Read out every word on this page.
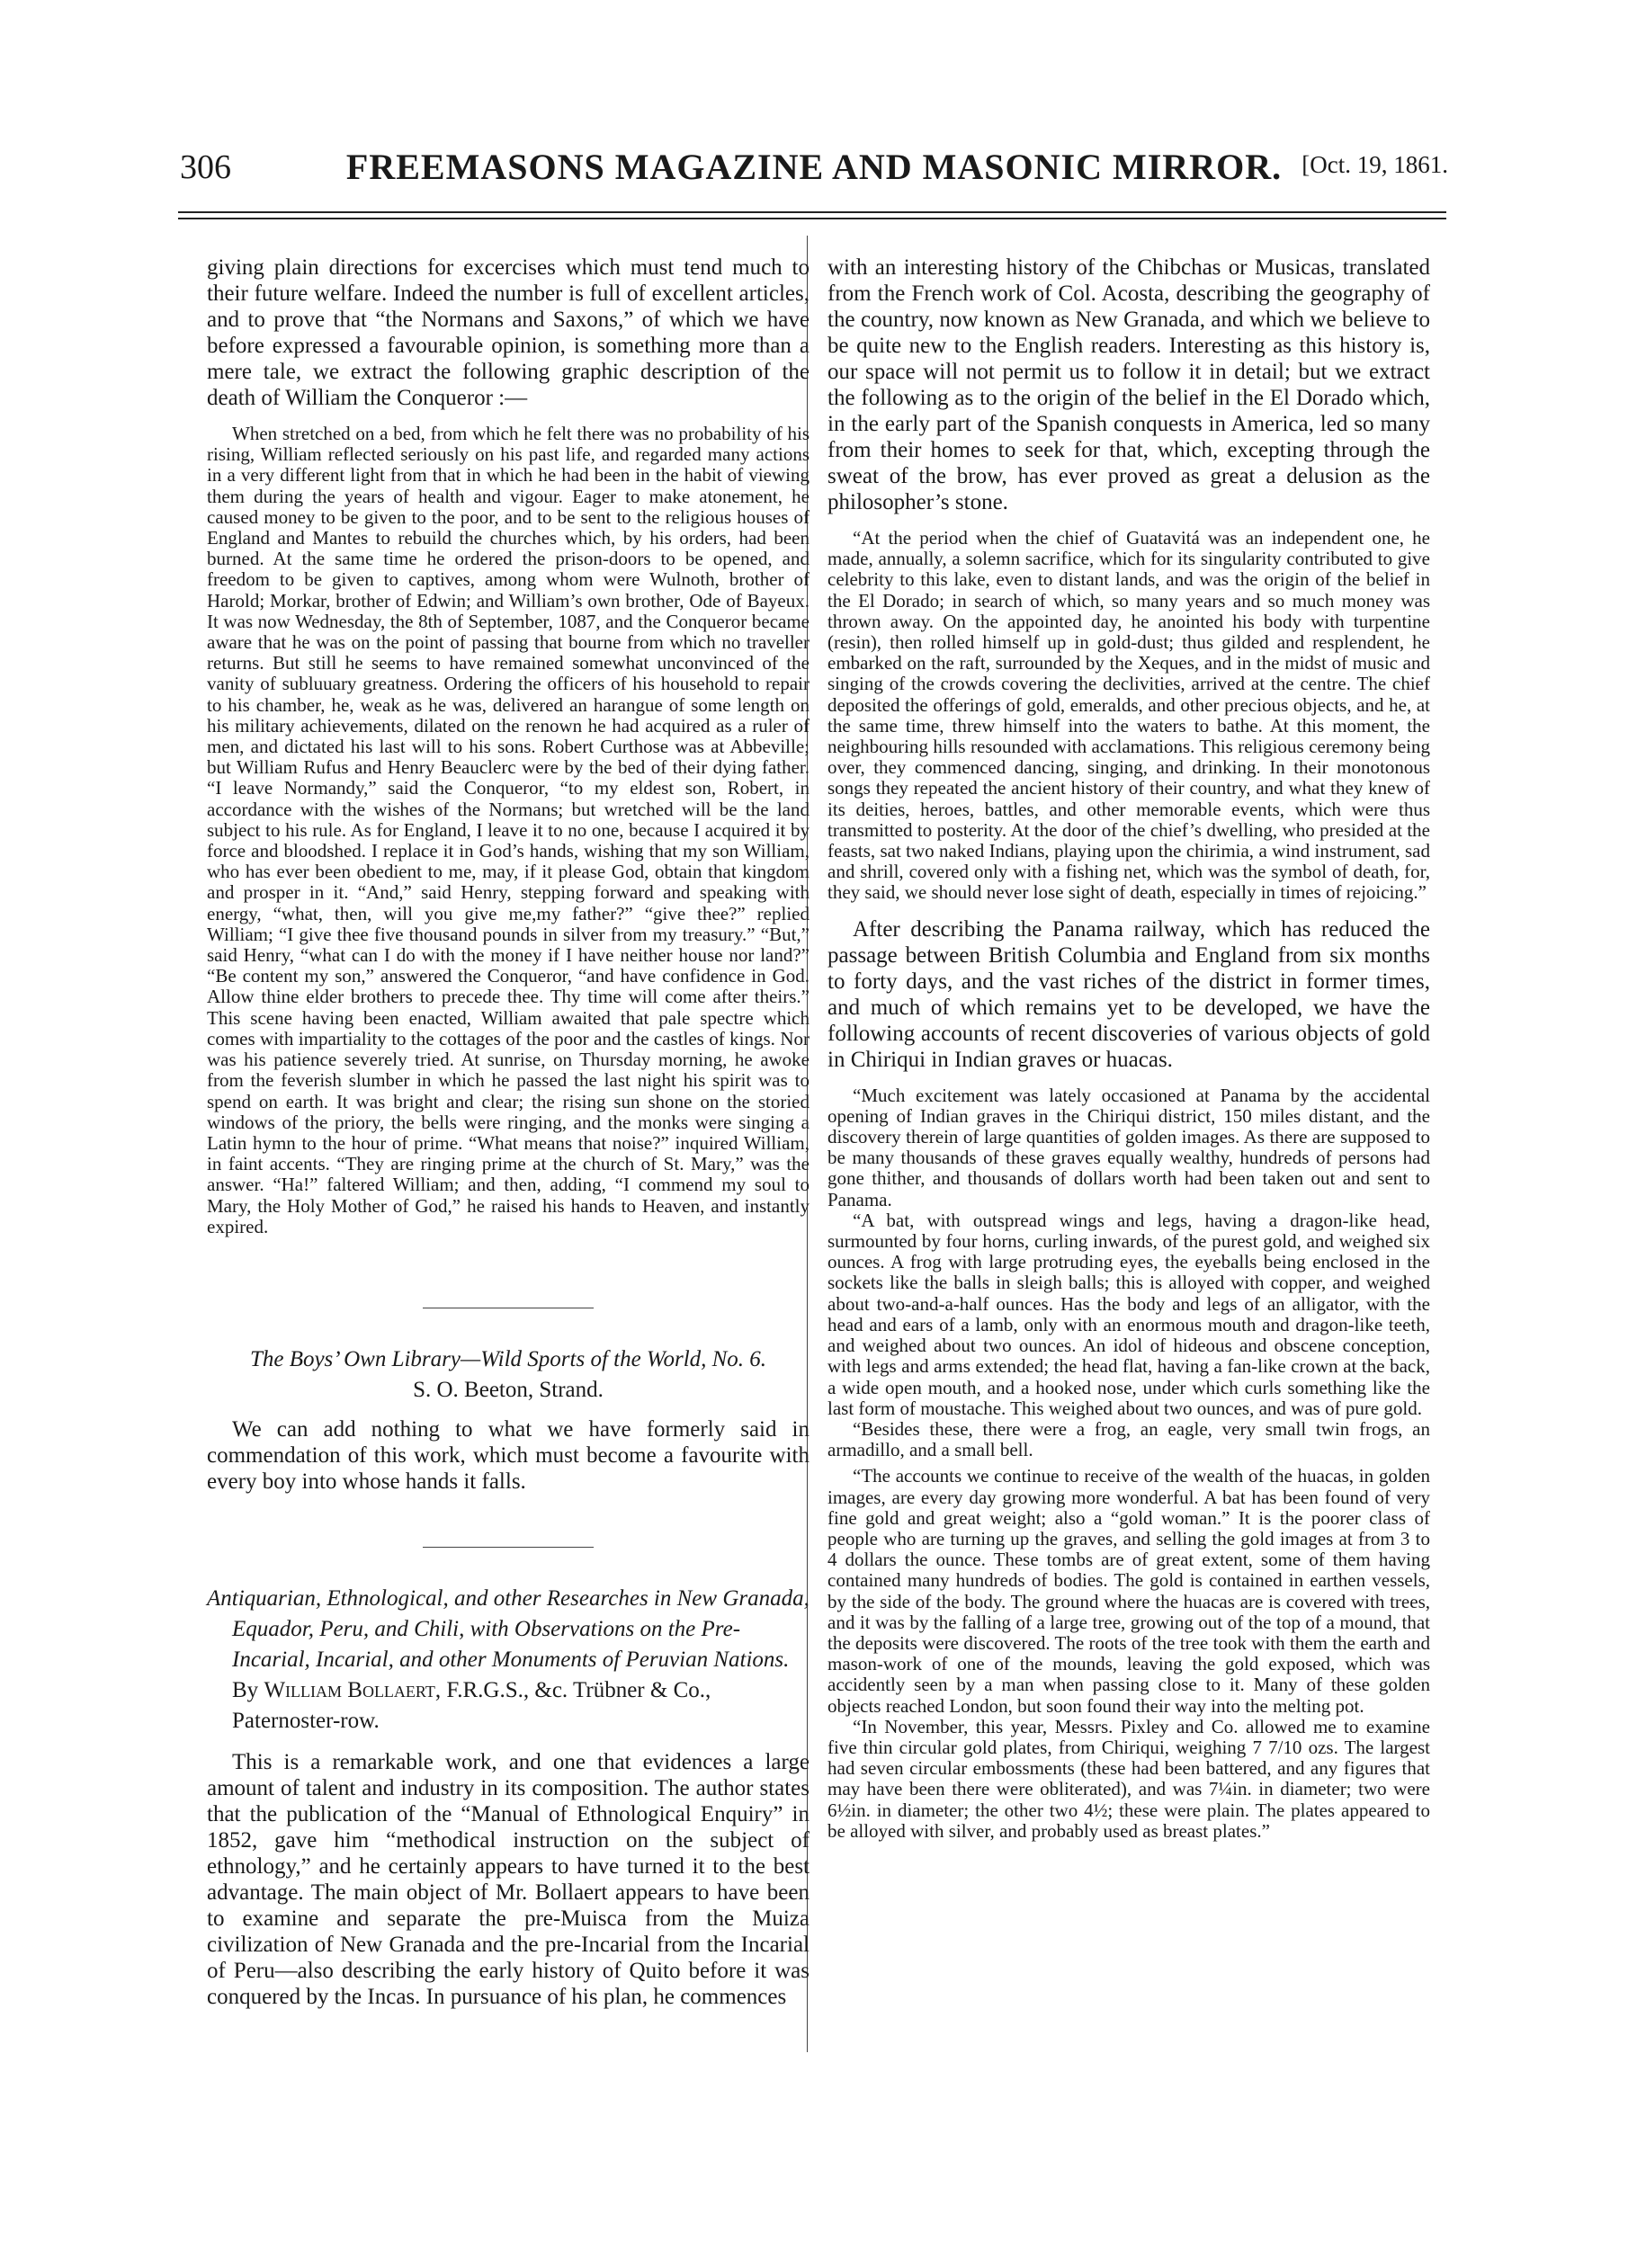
306	FREEMASONS MAGAZINE AND MASONIC MIRROR. [Oct. 19, 1861.

giving plain directions for excercises which must tend much to their future welfare. Indeed the number is full of excellent articles, and to prove that “the Normans and Saxons,” of which we have before expressed a favourable opinion, is something more than a mere tale, we extract the following graphic description of the death of William the Conqueror :—

When stretched on a bed, from which he felt there was no probability of his rising, William reflected seriously on his past life, and regarded many actions in a very different light from that in which he had been in the habit of viewing them during the years of health and vigour. Eager to make atonement, he caused money to be given to the poor, and to be sent to the religious houses of England and Mantes to rebuild the churches which, by his orders, had been burned. At the same time he ordered the prison-doors to be opened, and freedom to be given to captives, among whom were Wulnoth, brother of Harold; Morkar, brother of Edwin; and William’s own brother, Ode of Bayeux. It was now Wednesday, the 8th of September, 1087, and the Conqueror became aware that he was on the point of passing that bourne from which no traveller returns. But still he seems to have remained somewhat unconvinced of the vanity of subluuary greatness. Ordering the officers of his household to repair to his chamber, he, weak as he was, delivered an harangue of some length on his military achievements, dilated on the renown he had acquired as a ruler of men, and dictated his last will to his sons. Robert Curthose was at Abbeville; but William Rufus and Henry Beauclerc were by the bed of their dying father. “I leave Normandy,” said the Conqueror, “to my eldest son, Robert, in accordance with the wishes of the Normans; but wretched will be the land subject to his rule. As for England, I leave it to no one, because I acquired it by force and bloodshed. I replace it in God’s hands, wishing that my son William, who has ever been obedient to me, may, if it please God, obtain that kingdom and prosper in it. “And,” said Henry, stepping forward and speaking with energy, “what, then, will you give me,my father?” “give thee?” replied William; “I give thee five thousand pounds in silver from my treasury.” “But,” said Henry, “what can I do with the money if I have neither house nor land?” “Be content my son,” answered the Conqueror, “and have confidence in God. Allow thine elder brothers to precede thee. Thy time will come after theirs.” This scene having been enacted, William awaited that pale spectre which comes with impartiality to the cottages of the poor and the castles of kings. Nor was his patience severely tried. At sunrise, on Thursday morning, he awoke from the feverish slumber in which he passed the last night his spirit was to spend on earth. It was bright and clear; the rising sun shone on the storied windows of the priory, the bells were ringing, and the monks were singing a Latin hymn to the hour of prime. “What means that noise?” inquired William, in faint accents. “They are ringing prime at the church of St. Mary,” was the answer. “Ha!” faltered William; and then, adding, “I commend my soul to Mary, the Holy Mother of God,” he raised his hands to Heaven, and instantly expired.

The Boys’ Own Library—Wild Sports of the World, No. 6.
S. O. Beeton, Strand.

We can add nothing to what we have formerly said in commendation of this work, which must become a favourite with every boy into whose hands it falls.

Antiquarian, Ethnological, and other Researches in New Granada, Equador, Peru, and Chili, with Observations on the Pre-Incarial, Incarial, and other Monuments of Peruvian Nations. By William Bollaert, F.R.G.S., &c. Trübner & Co., Paternoster-row.

This is a remarkable work, and one that evidences a large amount of talent and industry in its composition. The author states that the publication of the “Manual of Ethnological Enquiry” in 1852, gave him “methodical instruction on the subject of ethnology,” and he certainly appears to have turned it to the best advantage. The main object of Mr. Bollaert appears to have been to examine and separate the pre-Muisca from the Muiza civilization of New Granada and the pre-Incarial from the Incarial of Peru—also describing the early history of Quito before it was conquered by the Incas. In pursuance of his plan, he commences

with an interesting history of the Chibchas or Musicas, translated from the French work of Col. Acosta, describing the geography of the country, now known as New Granada, and which we believe to be quite new to the English readers. Interesting as this history is, our space will not permit us to follow it in detail; but we extract the following as to the origin of the belief in the El Dorado which, in the early part of the Spanish conquests in America, led so many from their homes to seek for that, which, excepting through the sweat of the brow, has ever proved as great a delusion as the philosopher’s stone.

“At the period when the chief of Guatavitá was an independent one, he made, annually, a solemn sacrifice, which for its singularity contributed to give celebrity to this lake, even to distant lands, and was the origin of the belief in the El Dorado; in search of which, so many years and so much money was thrown away. On the appointed day, he anointed his body with turpentine (resin), then rolled himself up in gold-dust; thus gilded and resplendent, he embarked on the raft, surrounded by the Xeques, and in the midst of music and singing of the crowds covering the declivities, arrived at the centre. The chief deposited the offerings of gold, emeralds, and other precious objects, and he, at the same time, threw himself into the waters to bathe. At this moment, the neighbouring hills resounded with acclamations. This religious ceremony being over, they commenced dancing, singing, and drinking. In their monotonous songs they repeated the ancient history of their country, and what they knew of its deities, heroes, battles, and other memorable events, which were thus transmitted to posterity. At the door of the chief’s dwelling, who presided at the feasts, sat two naked Indians, playing upon the chirimia, a wind instrument, sad and shrill, covered only with a fishing net, which was the symbol of death, for, they said, we should never lose sight of death, especially in times of rejoicing.”

After describing the Panama railway, which has reduced the passage between British Columbia and England from six months to forty days, and the vast riches of the district in former times, and much of which remains yet to be developed, we have the following accounts of recent discoveries of various objects of gold in Chiriqui in Indian graves or huacas.

“Much excitement was lately occasioned at Panama by the accidental opening of Indian graves in the Chiriqui district, 150 miles distant, and the discovery therein of large quantities of golden images. As there are supposed to be many thousands of these graves equally wealthy, hundreds of persons had gone thither, and thousands of dollars worth had been taken out and sent to Panama.

“A bat, with outspread wings and legs, having a dragon-like head, surmounted by four horns, curling inwards, of the purest gold, and weighed six ounces. A frog with large protruding eyes, the eyeballs being enclosed in the sockets like the balls in sleigh balls; this is alloyed with copper, and weighed about two-and-a-half ounces. Has the body and legs of an alligator, with the head and ears of a lamb, only with an enormous mouth and dragon-like teeth, and weighed about two ounces. An idol of hideous and obscene conception, with legs and arms extended; the head flat, having a fan-like crown at the back, a wide open mouth, and a hooked nose, under which curls something like the last form of moustache. This weighed about two ounces, and was of pure gold.

“Besides these, there were a frog, an eagle, very small twin frogs, an armadillo, and a small bell.

“The accounts we continue to receive of the wealth of the huacas, in golden images, are every day growing more wonderful. A bat has been found of very fine gold and great weight; also a “gold woman.” It is the poorer class of people who are turning up the graves, and selling the gold images at from 3 to 4 dollars the ounce. These tombs are of great extent, some of them having contained many hundreds of bodies. The gold is contained in earthen vessels, by the side of the body. The ground where the huacas are is covered with trees, and it was by the falling of a large tree, growing out of the top of a mound, that the deposits were discovered. The roots of the tree took with them the earth and mason-work of one of the mounds, leaving the gold exposed, which was accidently seen by a man when passing close to it. Many of these golden objects reached London, but soon found their way into the melting pot.

“In November, this year, Messrs. Pixley and Co. allowed me to examine five thin circular gold plates, from Chiriqui, weighing 7 7/10 ozs. The largest had seven circular embossments (these had been battered, and any figures that may have been there were obliterated), and was 7¼in. in diameter; two were 6½in. in diameter; the other two 4½; these were plain. The plates appeared to be alloyed with silver, and probably used as breast plates.”
